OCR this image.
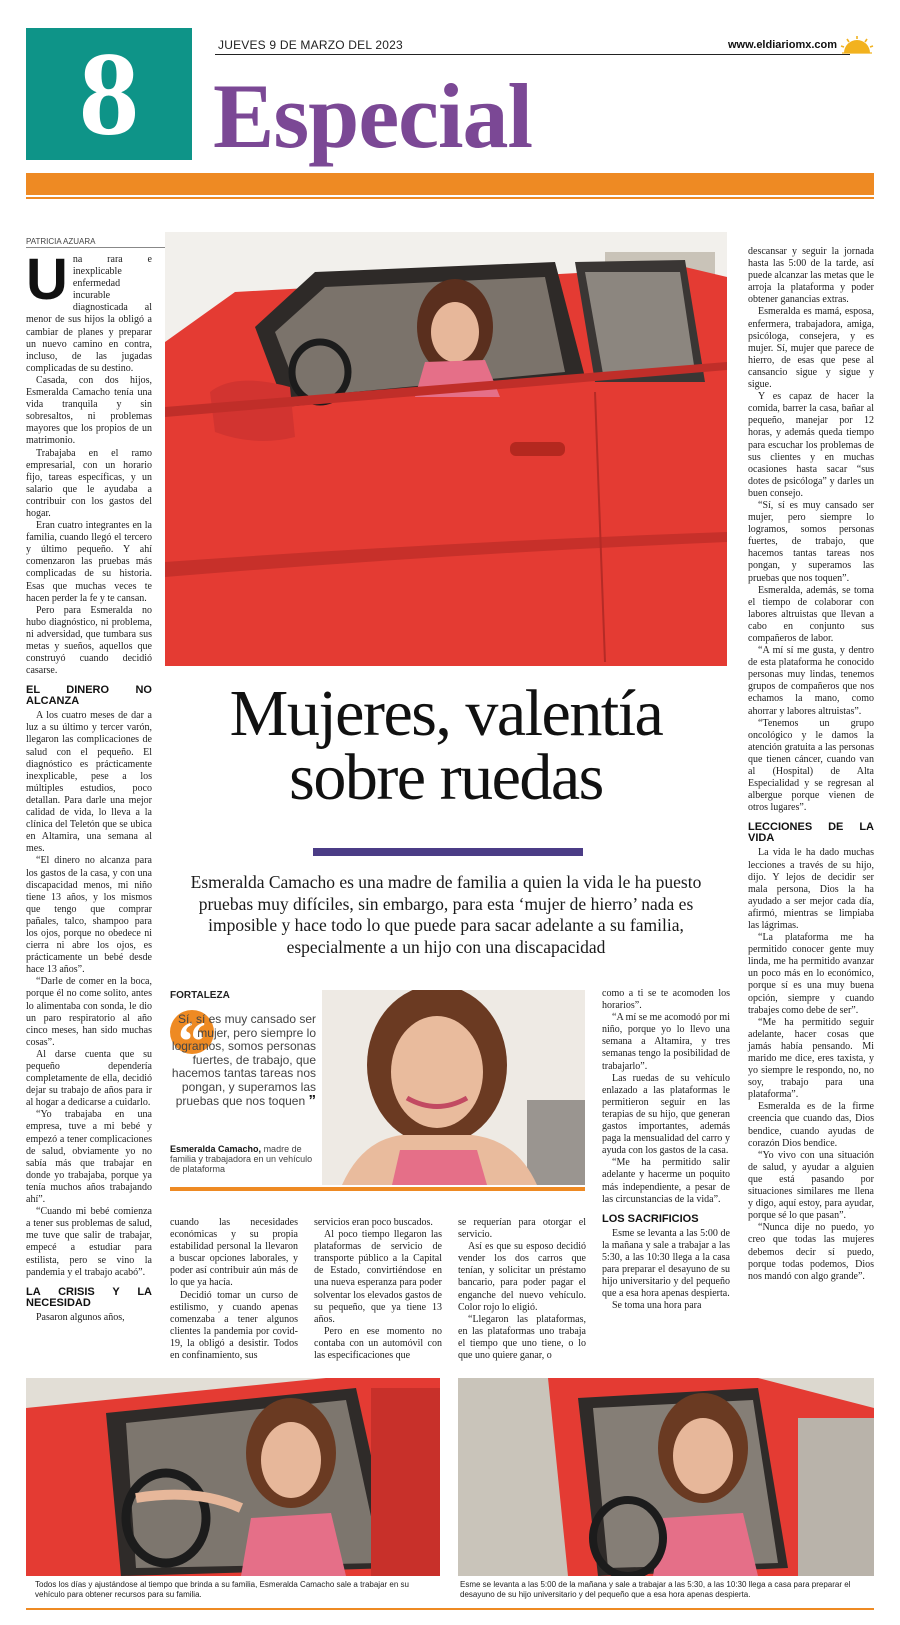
8	JUEVES 9 DE MARZO DEL 2023	www.eldiariomx.com
Especial
PATRICIA AZUARA
U na rara e inexplicable enfermedad incurable diagnosticada al menor de sus hijos la obligó a cambiar de planes y preparar un nuevo camino en contra, incluso, de las jugadas complicadas de su destino.

Casada, con dos hijos, Esmeralda Camacho tenía una vida tranquila y sin sobresaltos, ni problemas mayores que los propios de un matrimonio.

Trabajaba en el ramo empresarial, con un horario fijo, tareas específicas, y un salario que le ayudaba a contribuir con los gastos del hogar.

Eran cuatro integrantes en la familia, cuando llegó el tercero y último pequeño. Y ahí comenzaron las pruebas más complicadas de su historia. Esas que muchas veces te hacen perder la fe y te cansan.

Pero para Esmeralda no hubo diagnóstico, ni problema, ni adversidad, que tumbara sus metas y sueños, aquellos que construyó cuando decidió casarse.

EL DINERO NO ALCANZA

A los cuatro meses de dar a luz a su último y tercer varón, llegaron las complicaciones de salud con el pequeño. El diagnóstico es prácticamente inexplicable, pese a los múltiples estudios, poco detallan. Para darle una mejor calidad de vida, lo lleva a la clínica del Teletón que se ubica en Altamira, una semana al mes.

“El dinero no alcanza para los gastos de la casa, y con una discapacidad menos, mi niño tiene 13 años, y los mismos que tengo que comprar pañales, talco, shampoo para los ojos, porque no obedece ni cierra ni abre los ojos, es prácticamente un bebé desde hace 13 años”.

“Darle de comer en la boca, porque él no come solito, antes lo alimentaba con sonda, le dio un paro respiratorio al año cinco meses, han sido muchas cosas”.

Al darse cuenta que su pequeño dependería completamente de ella, decidió dejar su trabajo de años para ir al hogar a dedicarse a cuidarlo.

“Yo trabajaba en una empresa, tuve a mi bebé y empezó a tener complicaciones de salud, obviamente yo no sabía más que trabajar en donde yo trabajaba, porque ya tenía muchos años trabajando ahí”.

“Cuando mi bebé comienza a tener sus problemas de salud, me tuve que salir de trabajar, empecé a estudiar para estilista, pero se vino la pandemia y el trabajo acabó”.

LA CRISIS Y LA NECESIDAD

Pasaron algunos años,

Mujeres, valentía
sobre ruedas
Esmeralda Camacho es una madre de familia a quien la vida le ha puesto pruebas muy difíciles, sin embargo, para esta ‘mujer de hierro’ nada es imposible y hace todo lo que puede para sacar adelante a su familia, especialmente a un hijo con una discapacidad
FORTALEZA
“
Sí, sí es muy cansado ser mujer, pero siempre lo logramos, somos personas fuertes, de trabajo, que hacemos tantas tareas nos pongan, y superamos las pruebas que nos toquen ”
Esmeralda Camacho, madre de familia y trabajadora en un vehículo de plataforma

cuando las necesidades económicas y su propia estabilidad personal la llevaron a buscar opciones laborales, y poder así contribuir aún más de lo que ya hacía.

Decidió tomar un curso de estilismo, y cuando apenas comenzaba a tener algunos clientes la pandemia por covid-19, la obligó a desistir. Todos en confinamiento, sus

servicios eran poco buscados.

Al poco tiempo llegaron las plataformas de servicio de transporte público a la Capital de Estado, convirtiéndose en una nueva esperanza para poder solventar los elevados gastos de su pequeño, que ya tiene 13 años.

Pero en ese momento no contaba con un automóvil con las especificaciones que

se requerían para otorgar el servicio.

Así es que su esposo decidió vender los dos carros que tenían, y solicitar un préstamo bancario, para poder pagar el enganche del nuevo vehículo. Color rojo lo eligió.

“Llegaron las plataformas, en las plataformas uno trabaja el tiempo que uno tiene, o lo que uno quiere ganar, o

como a ti se te acomoden los horarios”.

“A mí se me acomodó por mi niño, porque yo lo llevo una semana a Altamira, y tres semanas tengo la posibilidad de trabajarlo”.

Las ruedas de su vehículo enlazado a las plataformas le permitieron seguir en las terapias de su hijo, que generan gastos importantes, además paga la mensualidad del carro y ayuda con los gastos de la casa.

“Me ha permitido salir adelante y hacerme un poquito más independiente, a pesar de las circunstancias de la vida”.

LOS SACRIFICIOS

Esme se levanta a las 5:00 de la mañana y sale a trabajar a las 5:30, a las 10:30 llega a la casa para preparar el desayuno de su hijo universitario y del pequeño que a esa hora apenas despierta.

Se toma una hora para

descansar y seguir la jornada hasta las 5:00 de la tarde, así puede alcanzar las metas que le arroja la plataforma y poder obtener ganancias extras.

Esmeralda es mamá, esposa, enfermera, trabajadora, amiga, psicóloga, consejera, y es mujer. Sí, mujer que parece de hierro, de esas que pese al cansancio sigue y sigue y sigue.

Y es capaz de hacer la comida, barrer la casa, bañar al pequeño, manejar por 12 horas, y además queda tiempo para escuchar los problemas de sus clientes y en muchas ocasiones hasta sacar “sus dotes de psicóloga” y darles un buen consejo.

“Sí, sí es muy cansado ser mujer, pero siempre lo logramos, somos personas fuertes, de trabajo, que hacemos tantas tareas nos pongan, y superamos las pruebas que nos toquen”.

Esmeralda, además, se toma el tiempo de colaborar con labores altruistas que llevan a cabo en conjunto sus compañeros de labor.

“A mí sí me gusta, y dentro de esta plataforma he conocido personas muy lindas, tenemos grupos de compañeros que nos echamos la mano, como ahorrar y labores altruistas”.

“Tenemos un grupo oncológico y le damos la atención gratuita a las personas que tienen cáncer, cuando van al (Hospital) de Alta Especialidad y se regresan al albergue porque vienen de otros lugares”.

LECCIONES DE LA VIDA

La vida le ha dado muchas lecciones a través de su hijo, dijo. Y lejos de decidir ser mala persona, Dios la ha ayudado a ser mejor cada día, afirmó, mientras se limpiaba las lágrimas.

“La plataforma me ha permitido conocer gente muy linda, me ha permitido avanzar un poco más en lo económico, porque sí es una muy buena opción, siempre y cuando trabajes como debe de ser”.

“Me ha permitido seguir adelante, hacer cosas que jamás había pensando. Mi marido me dice, eres taxista, y yo siempre le respondo, no, no soy, trabajo para una plataforma”.

Esmeralda es de la firme creencia que cuando das, Dios bendice, cuando ayudas de corazón Dios bendice.

“Yo vivo con una situación de salud, y ayudar a alguien que está pasando por situaciones similares me llena y digo, aquí estoy, para ayudar, porque sé lo que pasan”.

“Nunca dije no puedo, yo creo que todas las mujeres debemos decir sí puedo, porque todas podemos, Dios nos mandó con algo grande”.

Todos los días y ajustándose al tiempo que brinda a su familia, Esmeralda Camacho sale a trabajar en su vehículo para obtener recursos para su familia.
Esme se levanta a las 5:00 de la mañana y sale a trabajar a las 5:30, a las 10:30 llega a casa para preparar el desayuno de su hijo universitario y del pequeño que a esa hora apenas despierta.
